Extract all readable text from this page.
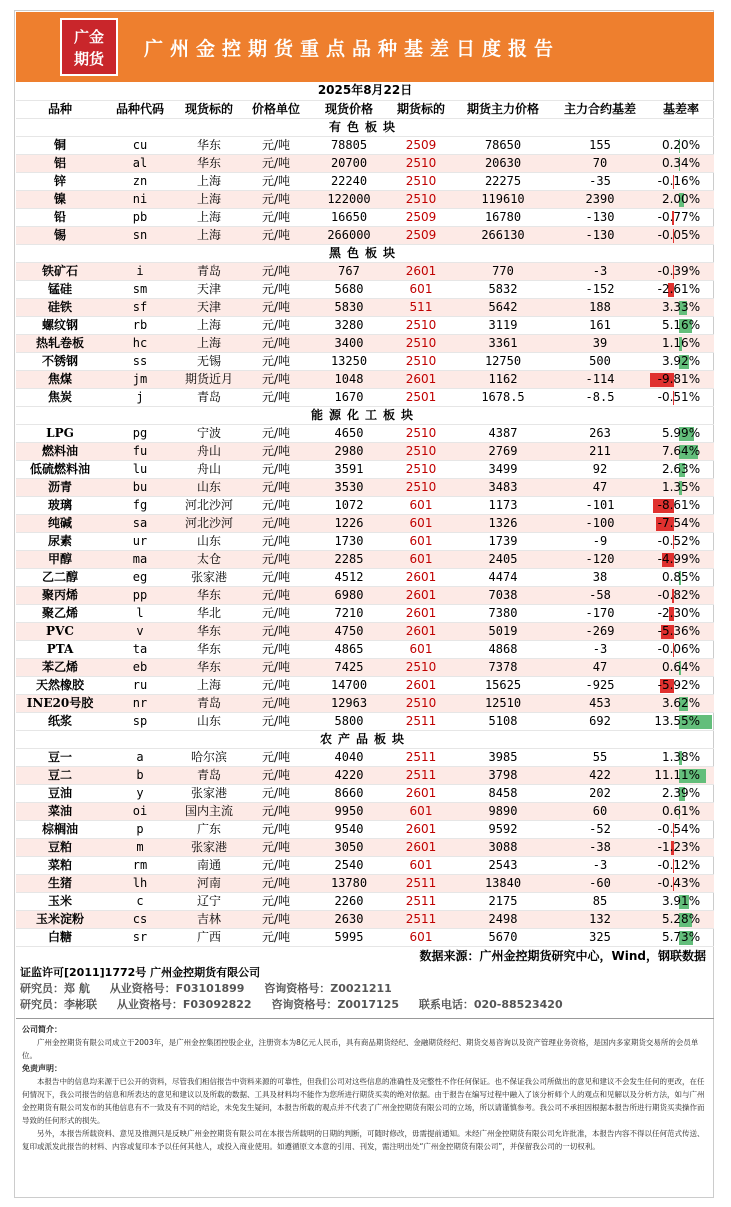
广金
期货	广州金控期货重点品种基差日度报告
2025年8月22日								
品种	品种代码	现货标的	价格单位	现货价格	期货标的	期货主力价格	主力合约基差	基差率
有色板块								
铜	cu	华东	元/吨	78805	2509	78650	155	0.20%
铝	al	华东	元/吨	20700	2510	20630	70	0.34%
锌	zn	上海	元/吨	22240	2510	22275	-35	-0.16%
镍	ni	上海	元/吨	122000	2510	119610	2390	2.00%
铅	pb	上海	元/吨	16650	2509	16780	-130	-0.77%
锡	sn	上海	元/吨	266000	2509	266130	-130	-0.05%
黑色板块								
铁矿石	i	青岛	元/吨	767	2601	770	-3	-0.39%
锰硅	sm	天津	元/吨	5680	601	5832	-152	-2.61%
硅铁	sf	天津	元/吨	5830	511	5642	188	3.33%
螺纹钢	rb	上海	元/吨	3280	2510	3119	161	5.16%
热轧卷板	hc	上海	元/吨	3400	2510	3361	39	1.16%
不锈钢	ss	无锡	元/吨	13250	2510	12750	500	3.92%
焦煤	jm	期货近月	元/吨	1048	2601	1162	-114	-9.81%
焦炭	j	青岛	元/吨	1670	2501	1678.5	-8.5	-0.51%
能源化工板块								
LPG	pg	宁波	元/吨	4650	2510	4387	263	5.99%
燃料油	fu	舟山	元/吨	2980	2510	2769	211	7.64%
低硫燃料油	lu	舟山	元/吨	3591	2510	3499	92	2.63%
沥青	bu	山东	元/吨	3530	2510	3483	47	1.35%
玻璃	fg	河北沙河	元/吨	1072	601	1173	-101	-8.61%
纯碱	sa	河北沙河	元/吨	1226	601	1326	-100	-7.54%
尿素	ur	山东	元/吨	1730	601	1739	-9	-0.52%
甲醇	ma	太仓	元/吨	2285	601	2405	-120	-4.99%
乙二醇	eg	张家港	元/吨	4512	2601	4474	38	0.85%
聚丙烯	pp	华东	元/吨	6980	2601	7038	-58	-0.82%
聚乙烯	l	华北	元/吨	7210	2601	7380	-170	-2.30%
PVC	v	华东	元/吨	4750	2601	5019	-269	-5.36%
PTA	ta	华东	元/吨	4865	601	4868	-3	-0.06%
苯乙烯	eb	华东	元/吨	7425	2510	7378	47	0.64%
天然橡胶	ru	上海	元/吨	14700	2601	15625	-925	-5.92%
INE20号胶	nr	青岛	元/吨	12963	2510	12510	453	3.62%
纸浆	sp	山东	元/吨	5800	2511	5108	692	13.55%
农产品板块								
豆一	a	哈尔滨	元/吨	4040	2511	3985	55	1.38%
豆二	b	青岛	元/吨	4220	2511	3798	422	11.11%
豆油	y	张家港	元/吨	8660	2601	8458	202	2.39%
菜油	oi	国内主流	元/吨	9950	601	9890	60	0.61%
棕榈油	p	广东	元/吨	9540	2601	9592	-52	-0.54%
豆粕	m	张家港	元/吨	3050	2601	3088	-38	-1.23%
菜粕	rm	南通	元/吨	2540	601	2543	-3	-0.12%
生猪	lh	河南	元/吨	13780	2511	13840	-60	-0.43%
玉米	c	辽宁	元/吨	2260	2511	2175	85	3.91%
玉米淀粉	cs	吉林	元/吨	2630	2511	2498	132	5.28%
白糖	sr	广西	元/吨	5995	601	5670	325	5.73%
数据来源：广州金控期货研究中心，Wind，钢联数据
证监许可[2011]1772号 广州金控期货有限公司
研究员：郑 航 从业资格号：F03101899 咨询资格号：Z0021211
研究员：李彬联 从业资格号：F03092822 咨询资格号：Z0017125 联系电话：020-88523420
公司简介：

广州金控期货有限公司成立于2003年，是广州金控集团控股企业，注册资本为8亿元人民币，具有商品期货经纪、金融期货经纪、期货交易咨询以及资产管理业务资格，是国内多家期货交易所的会员单位。

免责声明：

本报告中的信息均来源于已公开的资料，尽管我们相信报告中资料来源的可靠性，但我们公司对这些信息的准确性及完整性不作任何保证。也不保证我公司所做出的意见和建议不会发生任何的更改，在任何情况下，我公司报告的信息和所表达的意见和建议以及所载的数据、工具及材料均不能作为您所进行期货买卖的绝对依据。由于报告在编写过程中融入了该分析师个人的观点和见解以及分析方法，如与广州金控期货有限公司发布的其他信息有不一致及有不同的结论，未免发生疑问，本报告所载的观点并不代表了广州金控期货有限公司的立场，所以请谨慎参考。我公司不承担因根据本报告所进行期货买卖操作而导致的任何形式的损失。

另外，本报告所载资料、意见及推测只是反映广州金控期货有限公司在本报告所载明的日期的判断，可随时修改，毋需提前通知。未经广州金控期货有限公司允许批准，本报告内容不得以任何范式传送、复印或派发此报告的材料、内容或复印本予以任何其他人，或投入商业使用。如遵循原文本意的引用、刊发，需注明出处“广州金控期货有限公司”，并保留我公司的一切权利。
